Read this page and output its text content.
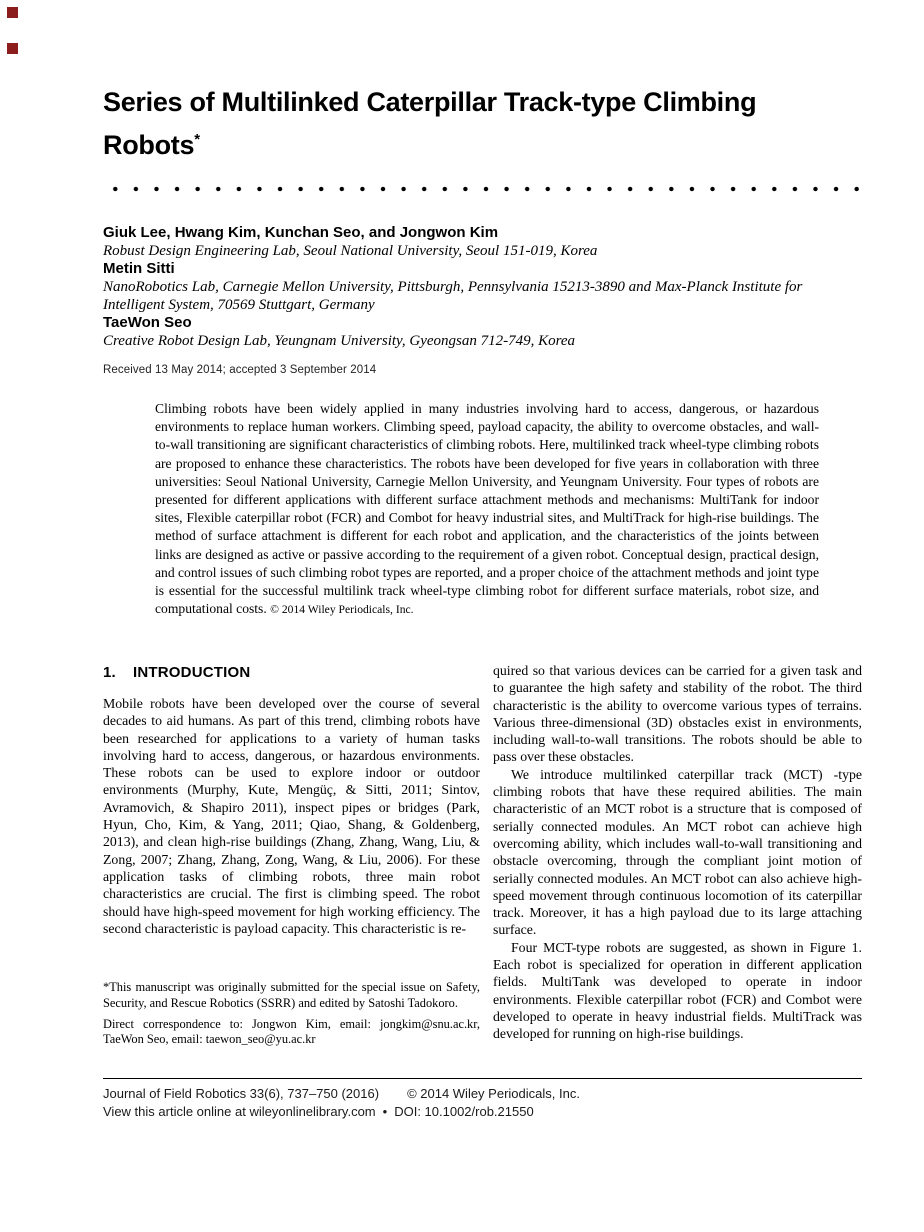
Series of Multilinked Caterpillar Track-type Climbing
Robots*
Giuk Lee, Hwang Kim, Kunchan Seo, and Jongwon Kim
Robust Design Engineering Lab, Seoul National University, Seoul 151-019, Korea
Metin Sitti
NanoRobotics Lab, Carnegie Mellon University, Pittsburgh, Pennsylvania 15213-3890 and Max-Planck Institute for Intelligent System, 70569 Stuttgart, Germany
TaeWon Seo
Creative Robot Design Lab, Yeungnam University, Gyeongsan 712-749, Korea
Received 13 May 2014; accepted 3 September 2014
Climbing robots have been widely applied in many industries involving hard to access, dangerous, or hazardous environments to replace human workers. Climbing speed, payload capacity, the ability to overcome obstacles, and wall-to-wall transitioning are significant characteristics of climbing robots. Here, multilinked track wheel-type climbing robots are proposed to enhance these characteristics. The robots have been developed for five years in collaboration with three universities: Seoul National University, Carnegie Mellon University, and Yeungnam University. Four types of robots are presented for different applications with different surface attachment methods and mechanisms: MultiTank for indoor sites, Flexible caterpillar robot (FCR) and Combot for heavy industrial sites, and MultiTrack for high-rise buildings. The method of surface attachment is different for each robot and application, and the characteristics of the joints between links are designed as active or passive according to the requirement of a given robot. Conceptual design, practical design, and control issues of such climbing robot types are reported, and a proper choice of the attachment methods and joint type is essential for the successful multilink track wheel-type climbing robot for different surface materials, robot size, and computational costs. © 2014 Wiley Periodicals, Inc.
1. INTRODUCTION

Mobile robots have been developed over the course of several decades to aid humans. As part of this trend, climbing robots have been researched for applications to a variety of human tasks involving hard to access, dangerous, or hazardous environments. These robots can be used to explore indoor or outdoor environments (Murphy, Kute, Mengüç, & Sitti, 2011; Sintov, Avramovich, & Shapiro 2011), inspect pipes or bridges (Park, Hyun, Cho, Kim, & Yang, 2011; Qiao, Shang, & Goldenberg, 2013), and clean high-rise buildings (Zhang, Zhang, Wang, Liu, & Zong, 2007; Zhang, Zhang, Zong, Wang, & Liu, 2006). For these application tasks of climbing robots, three main robot characteristics are crucial. The first is climbing speed. The robot should have high-speed movement for high working efficiency. The second characteristic is payload capacity. This characteristic is re-

quired so that various devices can be carried for a given task and to guarantee the high safety and stability of the robot. The third characteristic is the ability to overcome various types of terrains. Various three-dimensional (3D) obstacles exist in environments, including wall-to-wall transitions. The robots should be able to pass over these obstacles.

We introduce multilinked caterpillar track (MCT) -type climbing robots that have these required abilities. The main characteristic of an MCT robot is a structure that is composed of serially connected modules. An MCT robot can achieve high overcoming ability, which includes wall-to-wall transitioning and obstacle overcoming, through the compliant joint motion of serially connected modules. An MCT robot can also achieve high-speed movement through continuous locomotion of its caterpillar track. Moreover, it has a high payload due to its large attaching surface.

Four MCT-type robots are suggested, as shown in Figure 1. Each robot is specialized for operation in different application fields. MultiTank was developed to operate in indoor environments. Flexible caterpillar robot (FCR) and Combot were developed to operate in heavy industrial fields. MultiTrack was developed for running on high-rise buildings.

*This manuscript was originally submitted for the special issue on Safety, Security, and Rescue Robotics (SSRR) and edited by Satoshi Tadokoro.

Direct correspondence to: Jongwon Kim, email: jongkim@snu.ac.kr, TaeWon Seo, email: taewon_seo@yu.ac.kr

Journal of Field Robotics 33(6), 737–750 (2016) © 2014 Wiley Periodicals, Inc.
View this article online at wileyonlinelibrary.com • DOI: 10.1002/rob.21550
